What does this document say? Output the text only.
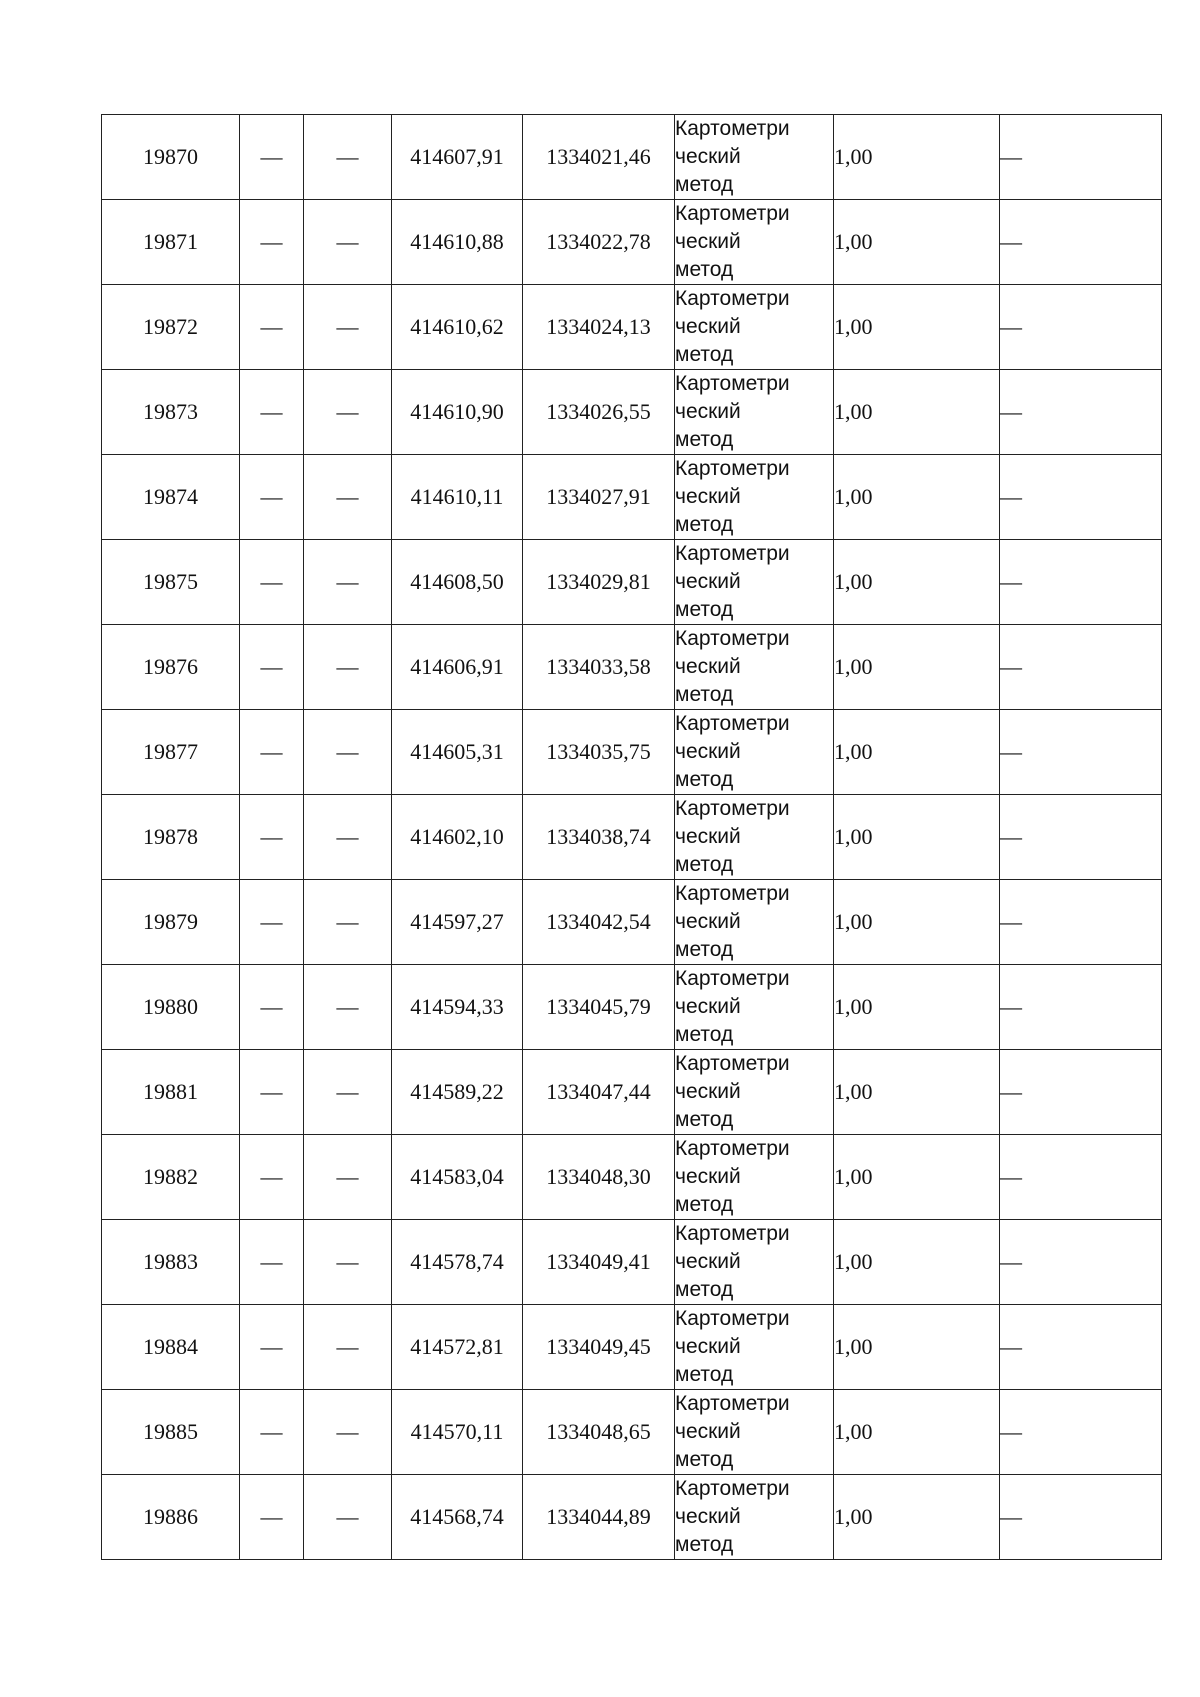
19870	—	—	414607,91	1334021,46	Картометри
ческий
метод	1,00	—
19871	—	—	414610,88	1334022,78	Картометри
ческий
метод	1,00	—
19872	—	—	414610,62	1334024,13	Картометри
ческий
метод	1,00	—
19873	—	—	414610,90	1334026,55	Картометри
ческий
метод	1,00	—
19874	—	—	414610,11	1334027,91	Картометри
ческий
метод	1,00	—
19875	—	—	414608,50	1334029,81	Картометри
ческий
метод	1,00	—
19876	—	—	414606,91	1334033,58	Картометри
ческий
метод	1,00	—
19877	—	—	414605,31	1334035,75	Картометри
ческий
метод	1,00	—
19878	—	—	414602,10	1334038,74	Картометри
ческий
метод	1,00	—
19879	—	—	414597,27	1334042,54	Картометри
ческий
метод	1,00	—
19880	—	—	414594,33	1334045,79	Картометри
ческий
метод	1,00	—
19881	—	—	414589,22	1334047,44	Картометри
ческий
метод	1,00	—
19882	—	—	414583,04	1334048,30	Картометри
ческий
метод	1,00	—
19883	—	—	414578,74	1334049,41	Картометри
ческий
метод	1,00	—
19884	—	—	414572,81	1334049,45	Картометри
ческий
метод	1,00	—
19885	—	—	414570,11	1334048,65	Картометри
ческий
метод	1,00	—
19886	—	—	414568,74	1334044,89	Картометри
ческий
метод	1,00	—
